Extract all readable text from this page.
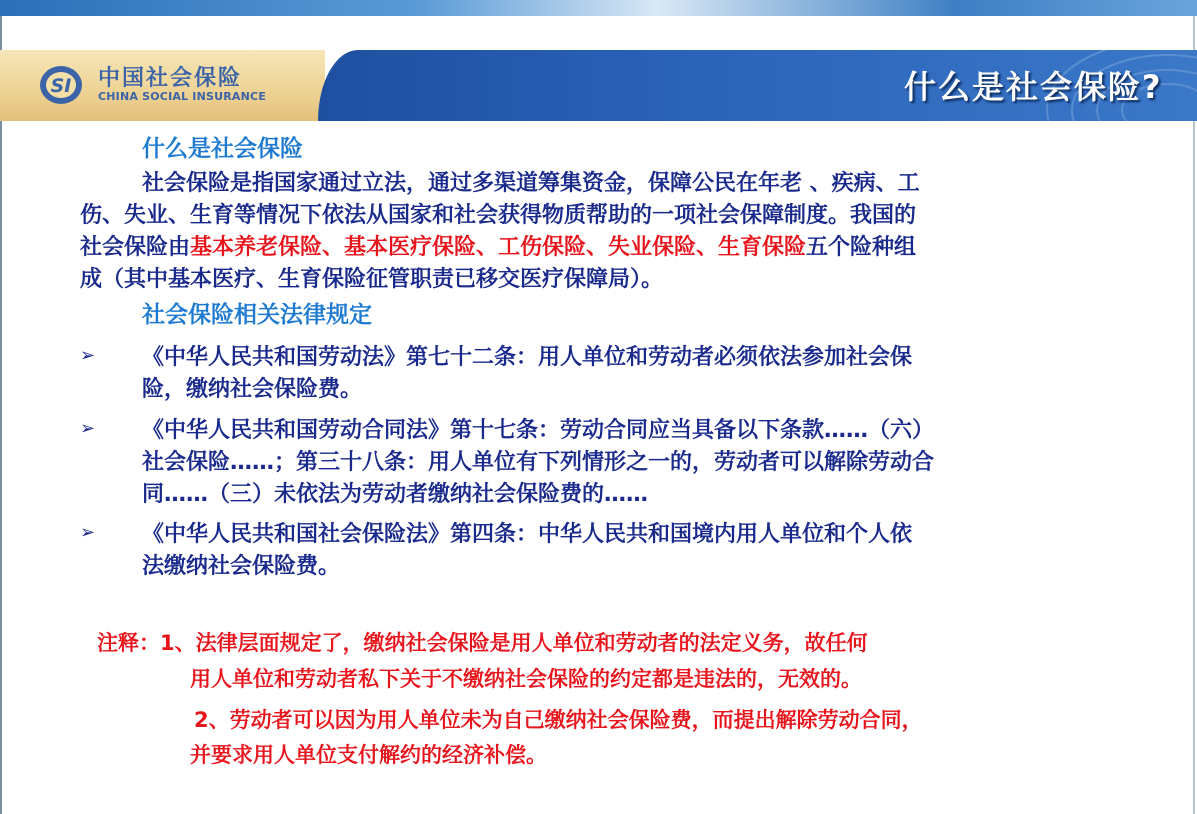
SI 中国社会保险
CHINA SOCIAL INSURANCE	什么是社会保险?
什么是社会保险
社会保险是指国家通过立法，通过多渠道筹集资金，保障公民在年老 、疾病、工
伤、失业、生育等情况下依法从国家和社会获得物质帮助的一项社会保障制度。我国的
社会保险由基本养老保险、基本医疗保险、工伤保险、失业保险、生育保险五个险种组
成（其中基本医疗、生育保险征管职责已移交医疗保障局）。
社会保险相关法律规定
➢ 《中华人民共和国劳动法》第七十二条：用人单位和劳动者必须依法参加社会保
险，缴纳社会保险费。
➢ 《中华人民共和国劳动合同法》第十七条：劳动合同应当具备以下条款……（六）
社会保险……；第三十八条：用人单位有下列情形之一的，劳动者可以解除劳动合
同……（三）未依法为劳动者缴纳社会保险费的……
➢ 《中华人民共和国社会保险法》第四条：中华人民共和国境内用人单位和个人依
法缴纳社会保险费。
注释：1、法律层面规定了，缴纳社会保险是用人单位和劳动者的法定义务，故任何
用人单位和劳动者私下关于不缴纳社会保险的约定都是违法的，无效的。
2、劳动者可以因为用人单位未为自己缴纳社会保险费，而提出解除劳动合同，
并要求用人单位支付解约的经济补偿。
